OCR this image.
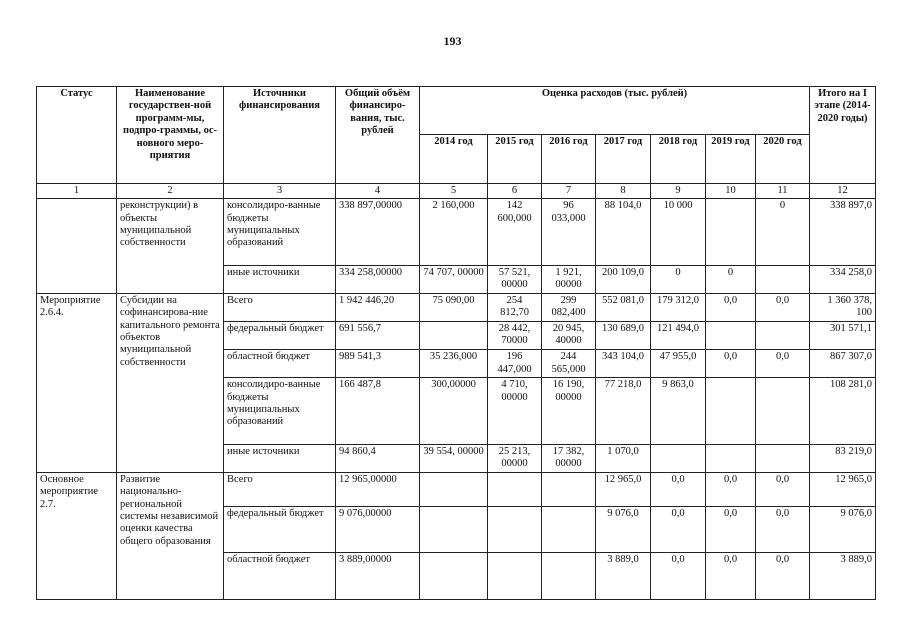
193
Статус	Наименование государствен-ной программ-мы, подпро-граммы, ос-новного меро-приятия	Источники финансирования	Общий объём финансиро-вания, тыс. рублей	Оценка расходов (тыс. рублей)							Итого на I этапе (2014-2020 годы)
				2014 год	2015 год	2016 год	2017 год	2018 год	2019 год	2020 год	
1	2	3	4	5	6	7	8	9	10	11	12
	реконструкции) в объекты муниципальной собственности	консолидиро-ванные бюджеты муниципальных образований	338 897,00000	2 160,000	142 600,000	96 033,000	88 104,0	10 000		0	338 897,0
		иные источники	334 258,00000	74 707, 00000	57 521, 00000	1 921, 00000	200 109,0	0	0		334 258,0
Мероприятие 2.6.4.	Субсидии на софинансирова-ние капитального ремонта объектов муниципальной собственности	Всего	1 942 446,20	75 090,00	254 812,70	299 082,400	552 081,0	179 312,0	0,0	0,0	1 360 378, 100
		федеральный бюджет	691 556,7		28 442, 70000	20 945, 40000	130 689,0	121 494,0			301 571,1
		областной бюджет	989 541,3	35 236,000	196 447,000	244 565,000	343 104,0	47 955,0	0,0	0,0	867 307,0
		консолидиро-ванные бюджеты муниципальных образований	166 487,8	300,00000	4 710, 00000	16 190, 00000	77 218,0	9 863,0			108 281,0
		иные источники	94 860,4	39 554, 00000	25 213, 00000	17 382, 00000	1 070,0				83 219,0
Основное мероприятие 2.7.	Развитие национально-региональной системы независимой оценки качества общего образования	Всего	12 965,00000				12 965,0	0,0	0,0	0,0	12 965,0
		федеральный бюджет	9 076,00000				9 076,0	0,0	0,0	0,0	9 076,0
		областной бюджет	3 889,00000				3 889,0	0,0	0,0	0,0	3 889,0
